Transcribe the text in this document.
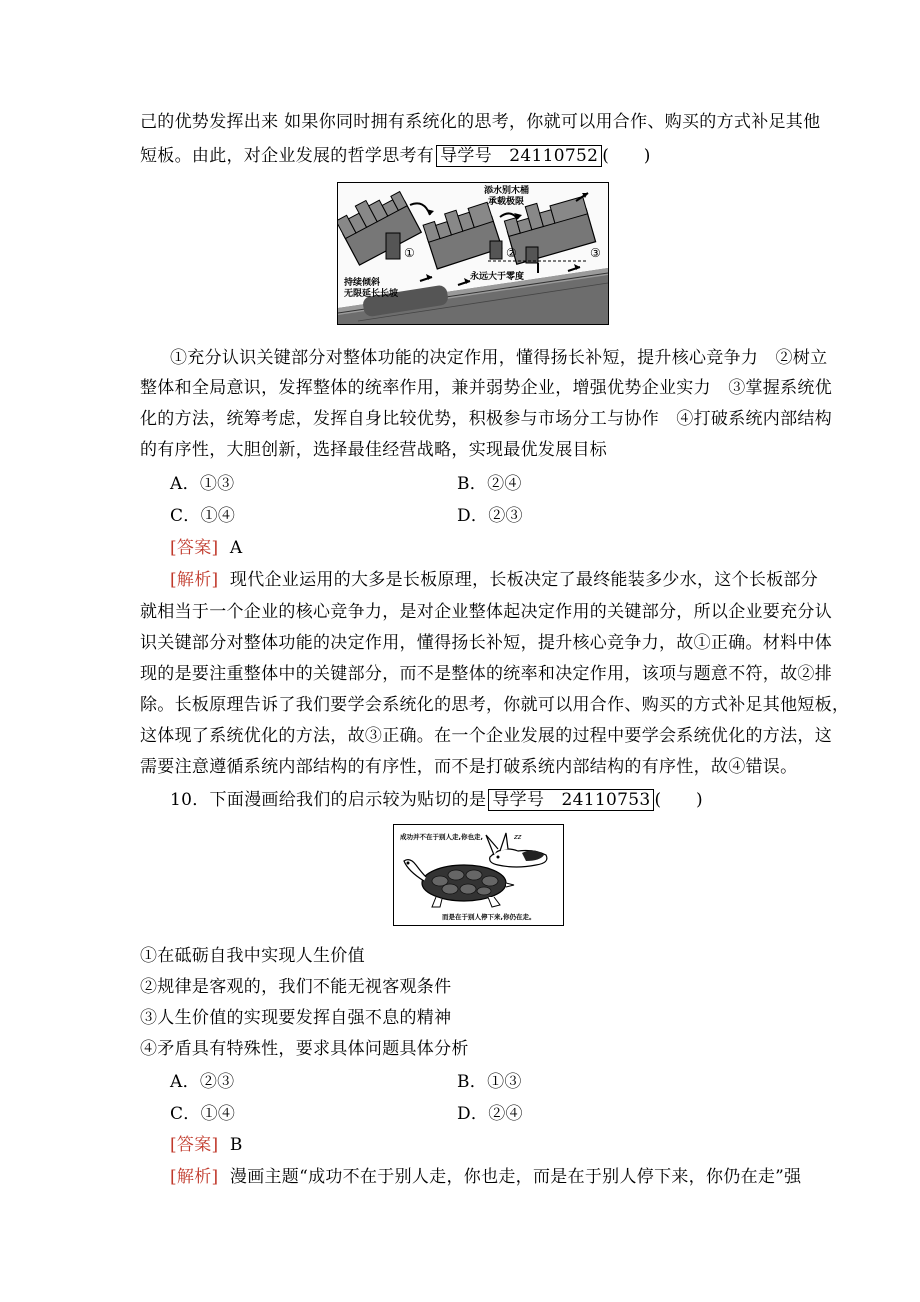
己的优势发挥出来 如果你同时拥有系统化的思考，你就可以用合作、购买的方式补足其他
短板。由此，对企业发展的哲学思考有 导学号　24110752 (　　)
添水别木桶
承载极限
持续倾斜
无限延长长坡
永远大于零度
①	②	③
①充分认识关键部分对整体功能的决定作用，懂得扬长补短，提升核心竞争力　②树立
整体和全局意识，发挥整体的统率作用，兼并弱势企业，增强优势企业实力　③掌握系统优
化的方法，统筹考虑，发挥自身比较优势，积极参与市场分工与协作　④打破系统内部结构
的有序性，大胆创新，选择最佳经营战略，实现最优发展目标
A．①③	B．②④
C．①④	D．②③
[答案] A
[解析] 现代企业运用的大多是长板原理，长板决定了最终能装多少水，这个长板部分
就相当于一个企业的核心竞争力，是对企业整体起决定作用的关键部分，所以企业要充分认
识关键部分对整体功能的决定作用，懂得扬长补短，提升核心竞争力，故①正确。材料中体
现的是要注重整体中的关键部分，而不是整体的统率和决定作用，该项与题意不符，故②排
除。长板原理告诉了我们要学会系统化的思考，你就可以用合作、购买的方式补足其他短板，
这体现了系统优化的方法，故③正确。在一个企业发展的过程中要学会系统优化的方法，这
需要注意遵循系统内部结构的有序性，而不是打破系统内部结构的有序性，故④错误。
10．下面漫画给我们的启示较为贴切的是 导学号　24110753 (　　)
成功并不在于别人走,你也走,	zz
而是在于别人停下来,你仍在走。
①在砥砺自我中实现人生价值
②规律是客观的，我们不能无视客观条件
③人生价值的实现要发挥自强不息的精神
④矛盾具有特殊性，要求具体问题具体分析
A．②③	B．①③
C．①④	D．②④
[答案] B
[解析] 漫画主题“成功不在于别人走，你也走，而是在于别人停下来，你仍在走”强
